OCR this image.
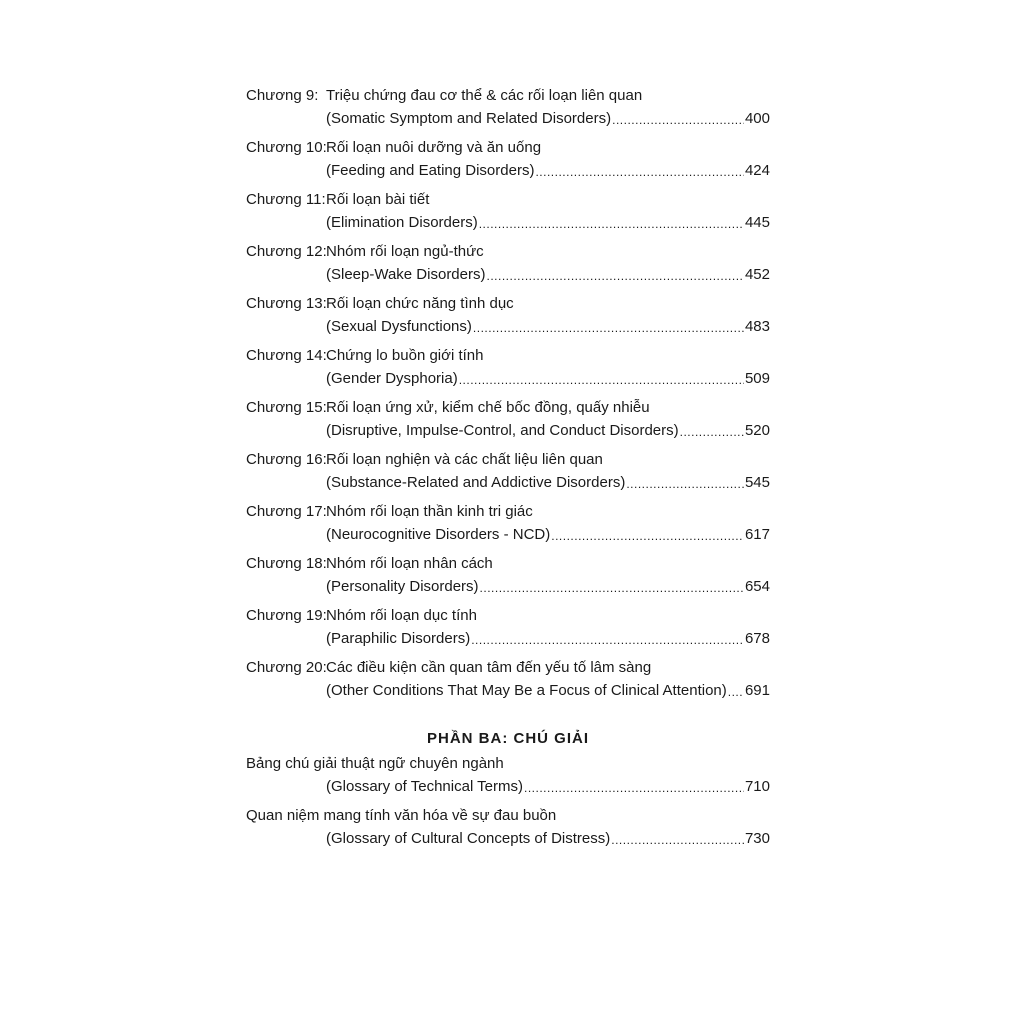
Chương 9: Triệu chứng đau cơ thể & các rối loạn liên quan
(Somatic Symptom and Related Disorders) .....	400
Chương 10: Rối loạn nuôi dưỡng và ăn uống
(Feeding and Eating Disorders) .....	424
Chương 11: Rối loạn bài tiết
(Elimination Disorders) .....	445
Chương 12: Nhóm rối loạn ngủ-thức
(Sleep-Wake Disorders) .....	452
Chương 13: Rối loạn chức năng tình dục
(Sexual Dysfunctions) .....	483
Chương 14: Chứng lo buồn giới tính
(Gender Dysphoria) .....	509
Chương 15: Rối loạn ứng xử, kiểm chế bốc đồng, quấy nhiễu
(Disruptive, Impulse-Control, and Conduct Disorders) .....	520
Chương 16: Rối loạn nghiện và các chất liệu liên quan
(Substance-Related and Addictive Disorders) .....	545
Chương 17: Nhóm rối loạn thần kinh tri giác
(Neurocognitive Disorders - NCD) .....	617
Chương 18: Nhóm rối loạn nhân cách
(Personality Disorders) .....	654
Chương 19: Nhóm rối loạn dục tính
(Paraphilic Disorders) .....	678
Chương 20: Các điều kiện cần quan tâm đến yếu tố lâm sàng
(Other Conditions That May Be a Focus of Clinical Attention) ..... 691
PHẦN BA: CHÚ GIẢI
Bảng chú giải thuật ngữ chuyên ngành
(Glossary of Technical Terms) .....	710
Quan niệm mang tính văn hóa về sự đau buồn
(Glossary of Cultural Concepts of Distress) .....	730
